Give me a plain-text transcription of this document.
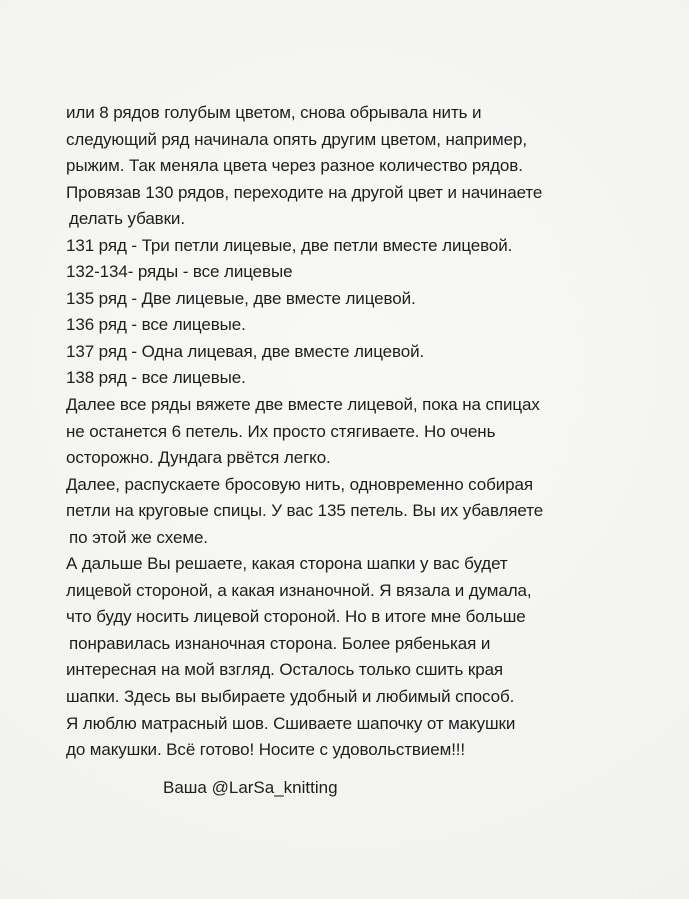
или 8 рядов голубым цветом, снова обрывала нить и
следующий ряд начинала опять другим цветом, например,
рыжим. Так меняла цвета через разное количество рядов.
Провязав 130 рядов, переходите на другой цвет и начинаете
делать убавки.
131 ряд - Три петли лицевые, две петли вместе лицевой.
132-134- ряды - все лицевые
135 ряд - Две лицевые, две вместе лицевой.
136 ряд - все лицевые.
137 ряд - Одна лицевая, две вместе лицевой.
138 ряд - все лицевые.
Далее все ряды вяжете две вместе лицевой, пока на спицах
не останется 6 петель. Их просто стягиваете. Но очень
осторожно. Дундага рвётся легко.
Далее, распускаете бросовую нить, одновременно собирая
петли на круговые спицы. У вас 135 петель. Вы их убавляете
по этой же схеме.
А дальше Вы решаете, какая сторона шапки у вас будет
лицевой стороной, а какая изнаночной. Я вязала и думала,
что буду носить лицевой стороной. Но в итоге мне больше
понравилась изнаночная сторона. Более рябенькая и
интересная на мой взгляд. Осталось только сшить края
шапки. Здесь вы выбираете удобный и любимый способ.
Я люблю матрасный шов. Сшиваете шапочку от макушки
до макушки. Всё готово! Носите с удовольствием!!!
Ваша @LarSa_knitting
